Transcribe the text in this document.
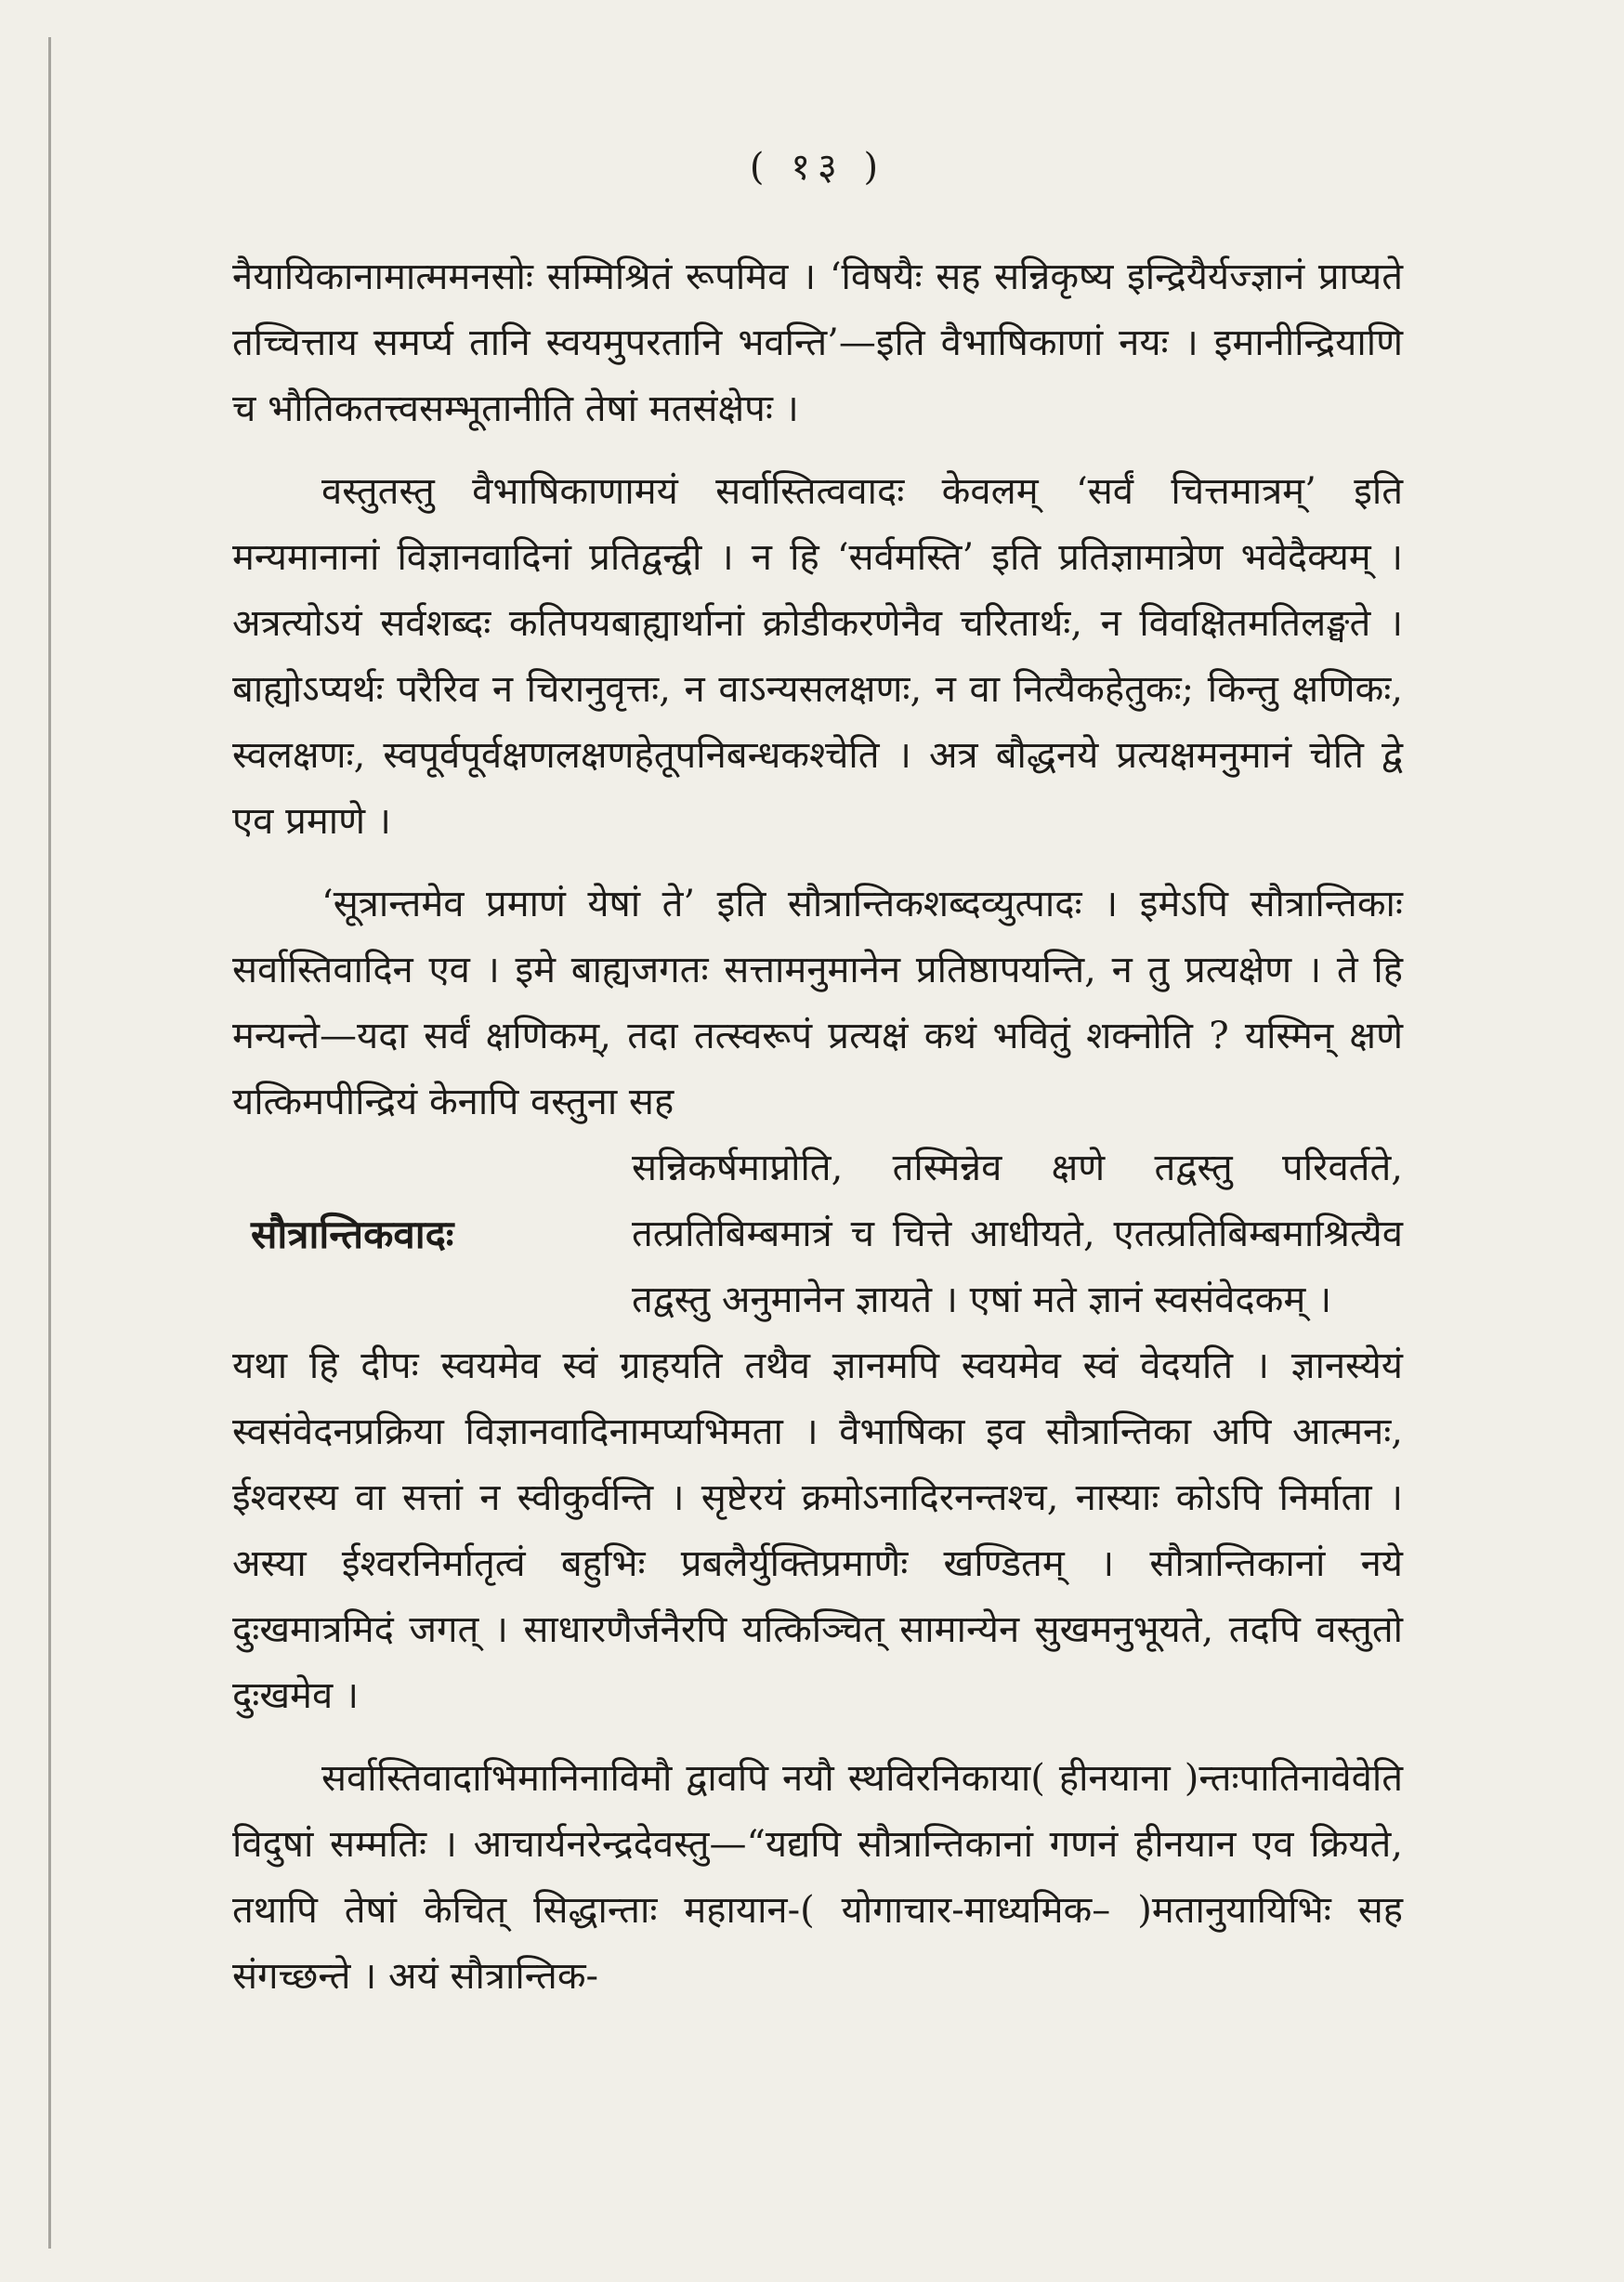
( १३ )

नैयायिकानामात्ममनसोः सम्मिश्रितं रूपमिव । ‘विषयैः सह सन्निकृष्य इन्द्रियैर्यज्ज्ञानं प्राप्यते तच्चित्ताय समर्प्य तानि स्वयमुपरतानि भवन्ति’—इति वैभाषिकाणां नयः । इमानीन्द्रियाणि च भौतिकतत्त्वसम्भूतानीति तेषां मतसंक्षेपः ।

वस्तुतस्तु वैभाषिकाणामयं सर्वास्तित्ववादः केवलम् ‘सर्वं चित्तमात्रम्’ इति मन्यमानानां विज्ञानवादिनां प्रतिद्वन्द्वी । न हि ‘सर्वमस्ति’ इति प्रतिज्ञामात्रेण भवेदैक्यम् । अत्रत्योऽयं सर्वशब्दः कतिपयबाह्यार्थानां क्रोडीकरणेनैव चरितार्थः, न विवक्षितमतिलङ्घते । बाह्योऽप्यर्थः परैरिव न चिरानुवृत्तः, न वाऽन्यसलक्षणः, न वा नित्यैकहेतुकः; किन्तु क्षणिकः, स्वलक्षणः, स्वपूर्वपूर्वक्षणलक्षणहेतूपनिबन्धकश्चेति । अत्र बौद्धनये प्रत्यक्षमनुमानं चेति द्वे एव प्रमाणे ।

‘सूत्रान्तमेव प्रमाणं येषां ते’ इति सौत्रान्तिकशब्दव्युत्पादः । इमेऽपि सौत्रान्तिकाः सर्वास्तिवादिन एव । इमे बाह्यजगतः सत्तामनुमानेन प्रतिष्ठापयन्ति, न तु प्रत्यक्षेण । ते हि मन्यन्ते—यदा सर्वं क्षणिकम्, तदा तत्स्वरूपं प्रत्यक्षं कथं भवितुं शक्नोति ? यस्मिन् क्षणे यत्किमपीन्द्रियं केनापि वस्तुना सह

सौत्रान्तिकवादः
सन्निकर्षमाप्नोति, तस्मिन्नेव क्षणे तद्वस्तु परिवर्तते, तत्प्रतिबिम्बमात्रं च चित्ते आधीयते, एतत्प्रतिबिम्बमाश्रित्यैव तद्वस्तु अनुमानेन ज्ञायते । एषां मते ज्ञानं स्वसंवेदकम् ।

यथा हि दीपः स्वयमेव स्वं ग्राहयति तथैव ज्ञानमपि स्वयमेव स्वं वेदयति । ज्ञानस्येयं स्वसंवेदनप्रक्रिया विज्ञानवादिनामप्यभिमता । वैभाषिका इव सौत्रान्तिका अपि आत्मनः, ईश्वरस्य वा सत्तां न स्वीकुर्वन्ति । सृष्टेरयं क्रमोऽनादिरनन्तश्च, नास्याः कोऽपि निर्माता । अस्या ईश्वरनिर्मातृत्वं बहुभिः प्रबलैर्युक्तिप्रमाणैः खण्डितम् । सौत्रान्तिकानां नये दुःखमात्रमिदं जगत् । साधारणैर्जनैरपि यत्किञ्चित् सामान्येन सुखमनुभूयते, तदपि वस्तुतो दुःखमेव ।

सर्वास्तिवादाभिमानिनाविमौ द्वावपि नयौ स्थविरनिकाया( हीनयाना )न्तःपातिनावेवेति विदुषां सम्मतिः । आचार्यनरेन्द्रदेवस्तु—“यद्यपि सौत्रान्तिकानां गणनं हीनयान एव क्रियते, तथापि तेषां केचित् सिद्धान्ताः महायान-( योगाचार-माध्यमिक– )मतानुयायिभिः सह संगच्छन्ते । अयं सौत्रान्तिक-
